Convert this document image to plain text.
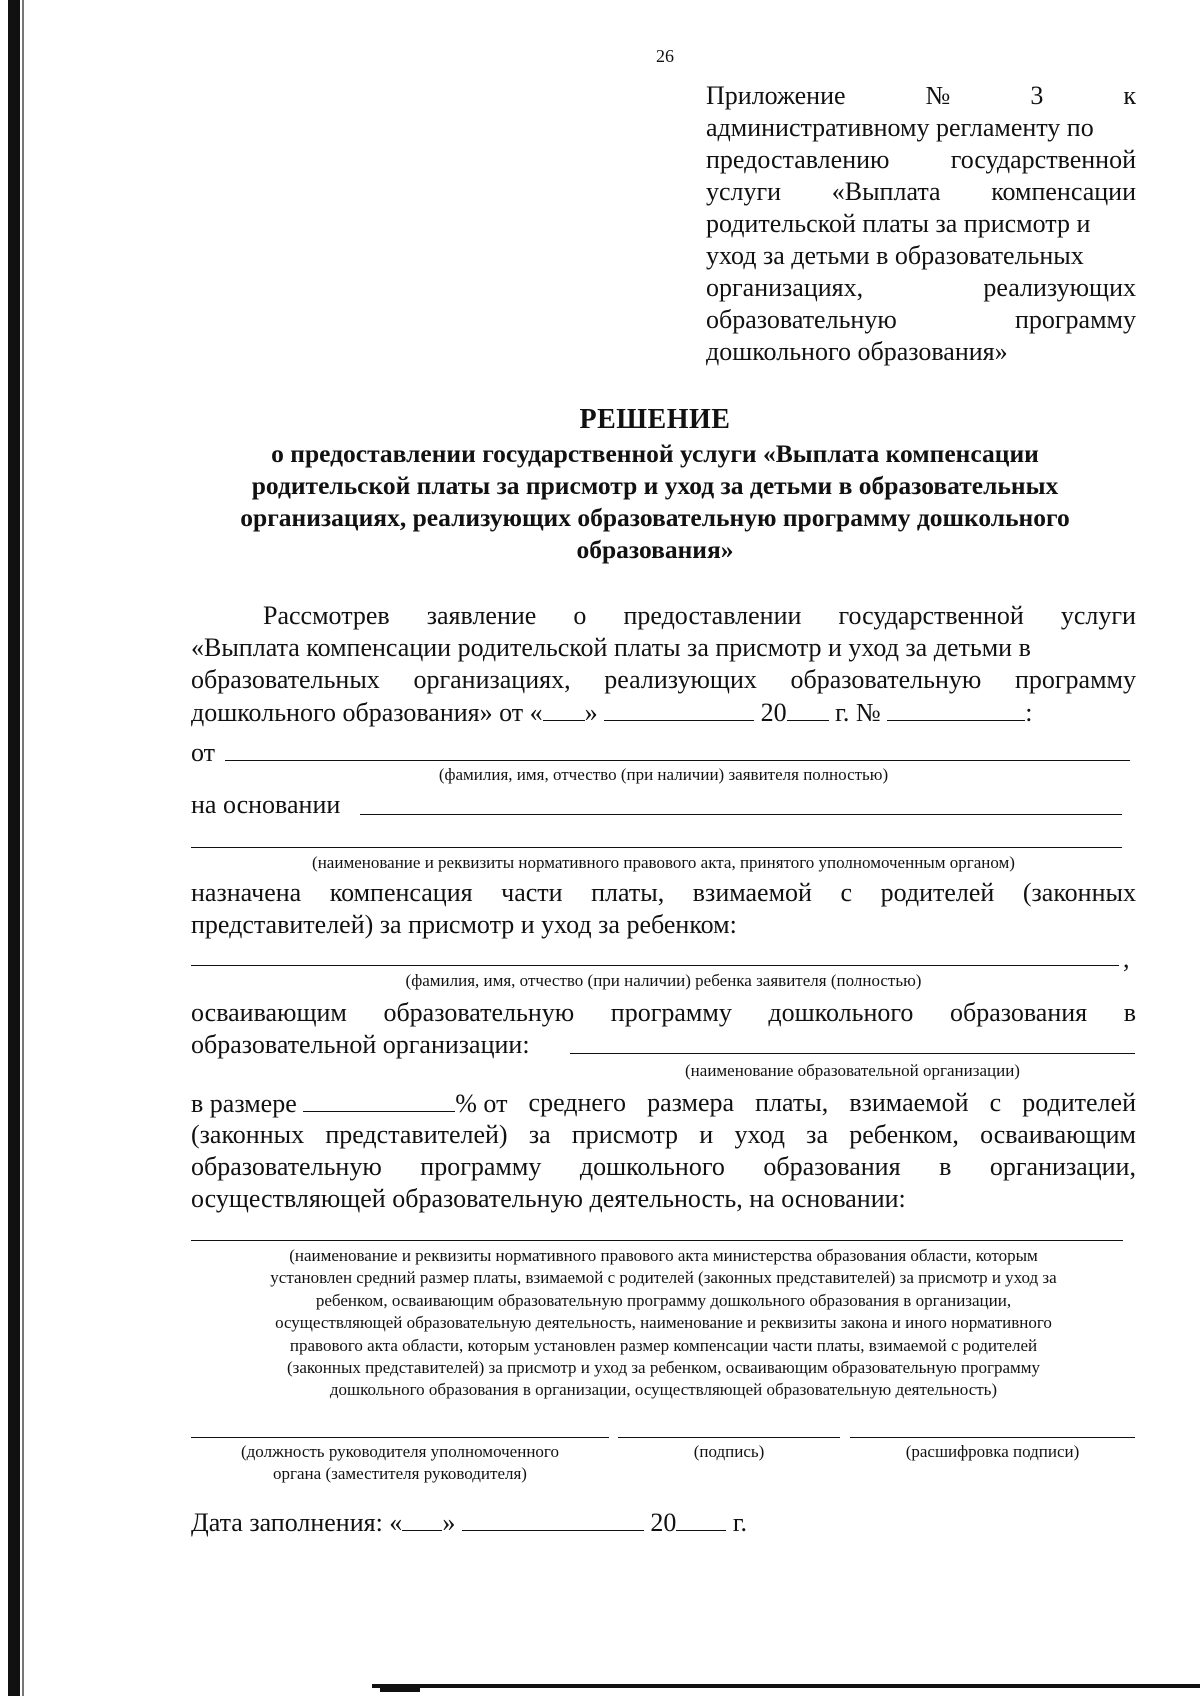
26
Приложение	№	3	к
административному регламенту по
предоставлению государственной
услуги «Выплата компенсации
родительской платы за присмотр и
уход за детьми в образовательных
организациях,	реализующих
образовательную	программу
дошкольного образования»
РЕШЕНИЕ
о предоставлении государственной услуги «Выплата компенсации
родительской платы за присмотр и уход за детьми в образовательных
организациях, реализующих образовательную программу дошкольного
образования»
Рассмотрев заявление о предоставлении государственной услуги
«Выплата компенсации родительской платы за присмотр и уход за детьми в
образовательных организациях, реализующих образовательную программу
дошкольного образования» от « »	20 г. №	:
от
(фамилия, имя, отчество (при наличии) заявителя полностью)
на основании
(наименование и реквизиты нормативного правового акта, принятого уполномоченным органом)
назначена компенсация части платы, взимаемой с родителей (законных
представителей) за присмотр и уход за ребенком:
,
(фамилия, имя, отчество (при наличии) ребенка заявителя (полностью)
осваивающим образовательную программу дошкольного образования в
образовательной организации:
(наименование образовательной организации)
в размере	% от среднего размера платы, взимаемой с родителей
(законных представителей) за присмотр и уход за ребенком, осваивающим
образовательную программу дошкольного образования в организации,
осуществляющей образовательную деятельность, на основании:
(наименование и реквизиты нормативного правового акта министерства образования области, которым
установлен средний размер платы, взимаемой с родителей (законных представителей) за присмотр и уход за
ребенком, осваивающим образовательную программу дошкольного образования в организации,
осуществляющей образовательную деятельность, наименование и реквизиты закона и иного нормативного
правового акта области, которым установлен размер компенсации части платы, взимаемой с родителей
(законных представителей) за присмотр и уход за ребенком, осваивающим образовательную программу
дошкольного образования в организации, осуществляющей образовательную деятельность)
(должность руководителя уполномоченного
органа (заместителя руководителя)
(подпись)	(расшифровка подписи)
Дата заполнения: « »	20 г.
